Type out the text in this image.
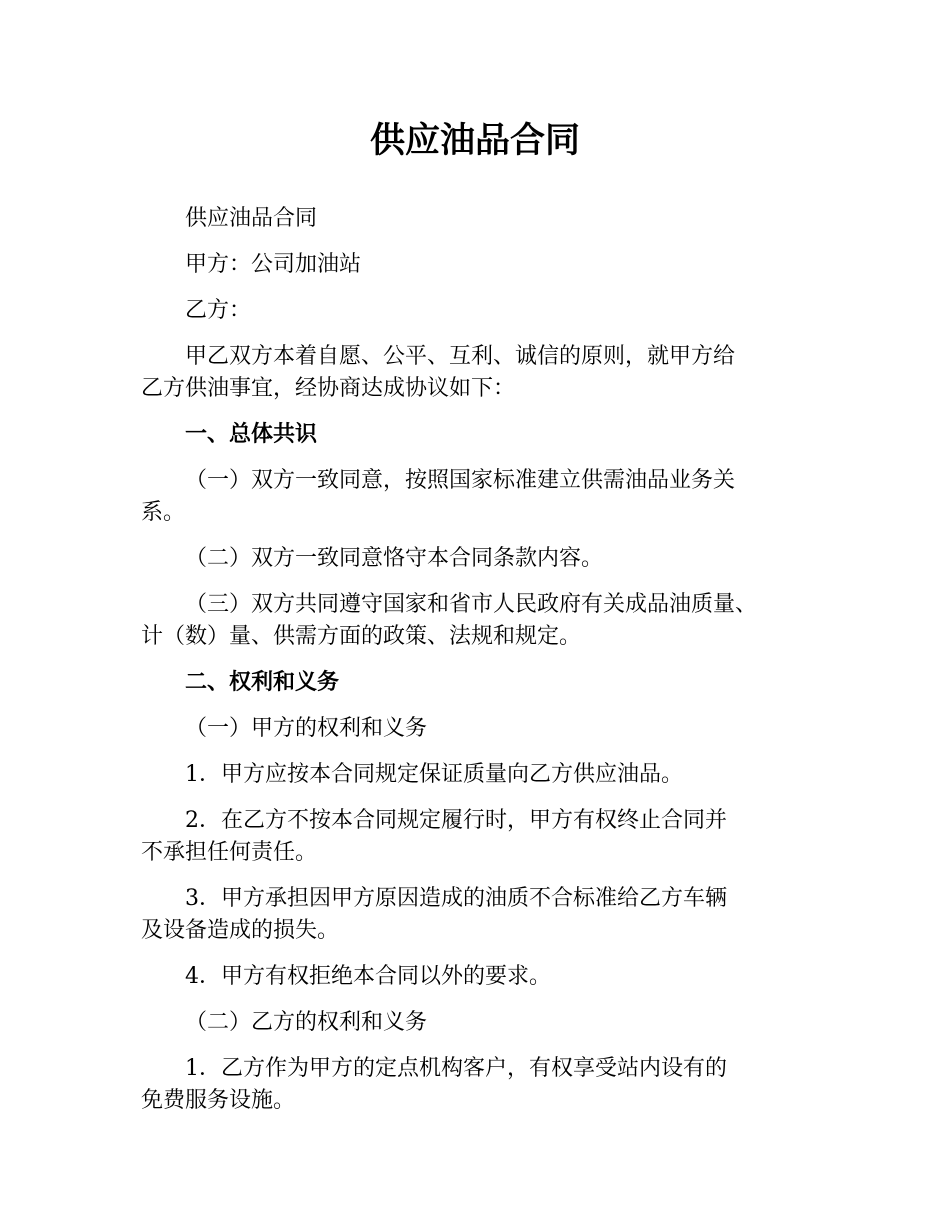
供应油品合同
供应油品合同
甲方：公司加油站
乙方：
甲乙双方本着自愿、公平、互利、诚信的原则，就甲方给
乙方供油事宜，经协商达成协议如下：
一、总体共识
（一）双方一致同意，按照国家标准建立供需油品业务关
系。
（二）双方一致同意恪守本合同条款内容。
（三）双方共同遵守国家和省市人民政府有关成品油质量、
计（数）量、供需方面的政策、法规和规定。
二、权利和义务
（一）甲方的权利和义务
1．甲方应按本合同规定保证质量向乙方供应油品。
2．在乙方不按本合同规定履行时，甲方有权终止合同并
不承担任何责任。
3．甲方承担因甲方原因造成的油质不合标准给乙方车辆
及设备造成的损失。
4．甲方有权拒绝本合同以外的要求。
（二）乙方的权利和义务
1．乙方作为甲方的定点机构客户，有权享受站内设有的
免费服务设施。
